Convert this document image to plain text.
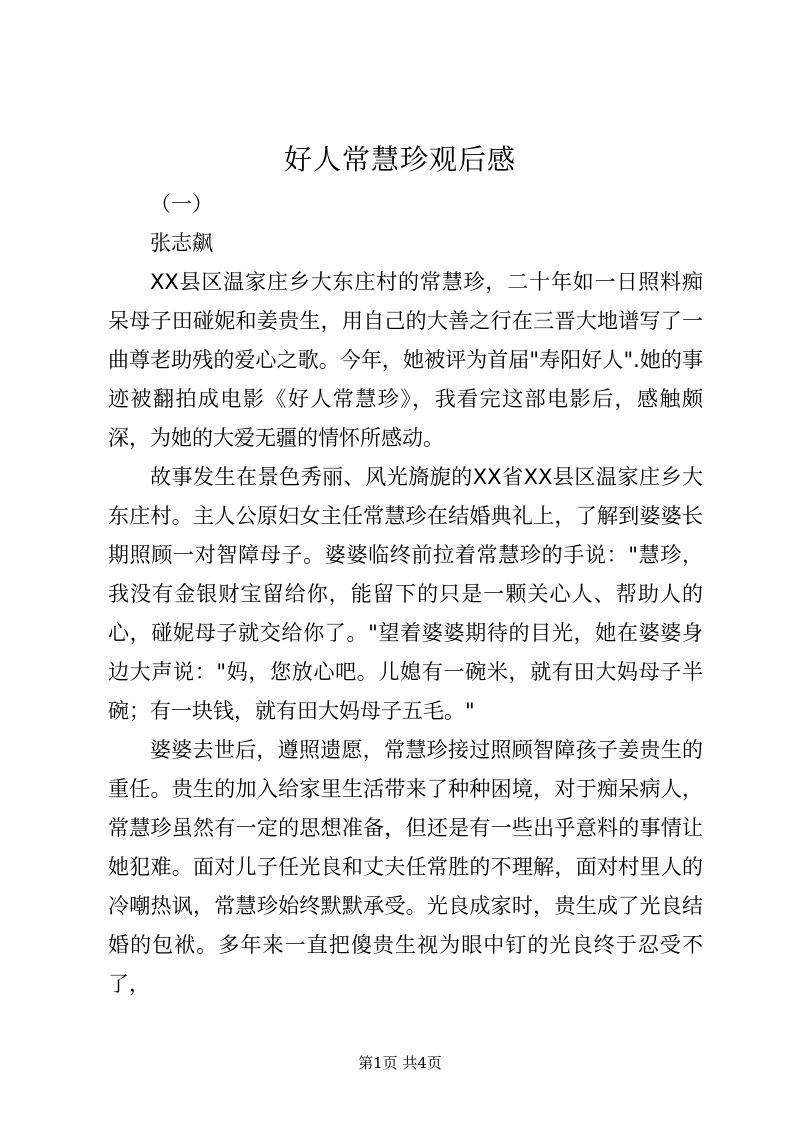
好人常慧珍观后感

（一）

张志飙

XX县区温家庄乡大东庄村的常慧珍，二十年如一日照料痴呆母子田碰妮和姜贵生，用自己的大善之行在三晋大地谱写了一曲尊老助残的爱心之歌。今年，她被评为首届"寿阳好人".她的事迹被翻拍成电影《好人常慧珍》，我看完这部电影后，感触颇深，为她的大爱无疆的情怀所感动。

故事发生在景色秀丽、风光旖旎的XX省XX县区温家庄乡大东庄村。主人公原妇女主任常慧珍在结婚典礼上，了解到婆婆长期照顾一对智障母子。婆婆临终前拉着常慧珍的手说："慧珍，我没有金银财宝留给你，能留下的只是一颗关心人、帮助人的心，碰妮母子就交给你了。"望着婆婆期待的目光，她在婆婆身边大声说："妈，您放心吧。儿媳有一碗米，就有田大妈母子半碗；有一块钱，就有田大妈母子五毛。"

婆婆去世后，遵照遗愿，常慧珍接过照顾智障孩子姜贵生的重任。贵生的加入给家里生活带来了种种困境，对于痴呆病人，常慧珍虽然有一定的思想准备，但还是有一些出乎意料的事情让她犯难。面对儿子任光良和丈夫任常胜的不理解，面对村里人的冷嘲热讽，常慧珍始终默默承受。光良成家时，贵生成了光良结婚的包袱。多年来一直把傻贵生视为眼中钉的光良终于忍受不了，

第1页 共4页
